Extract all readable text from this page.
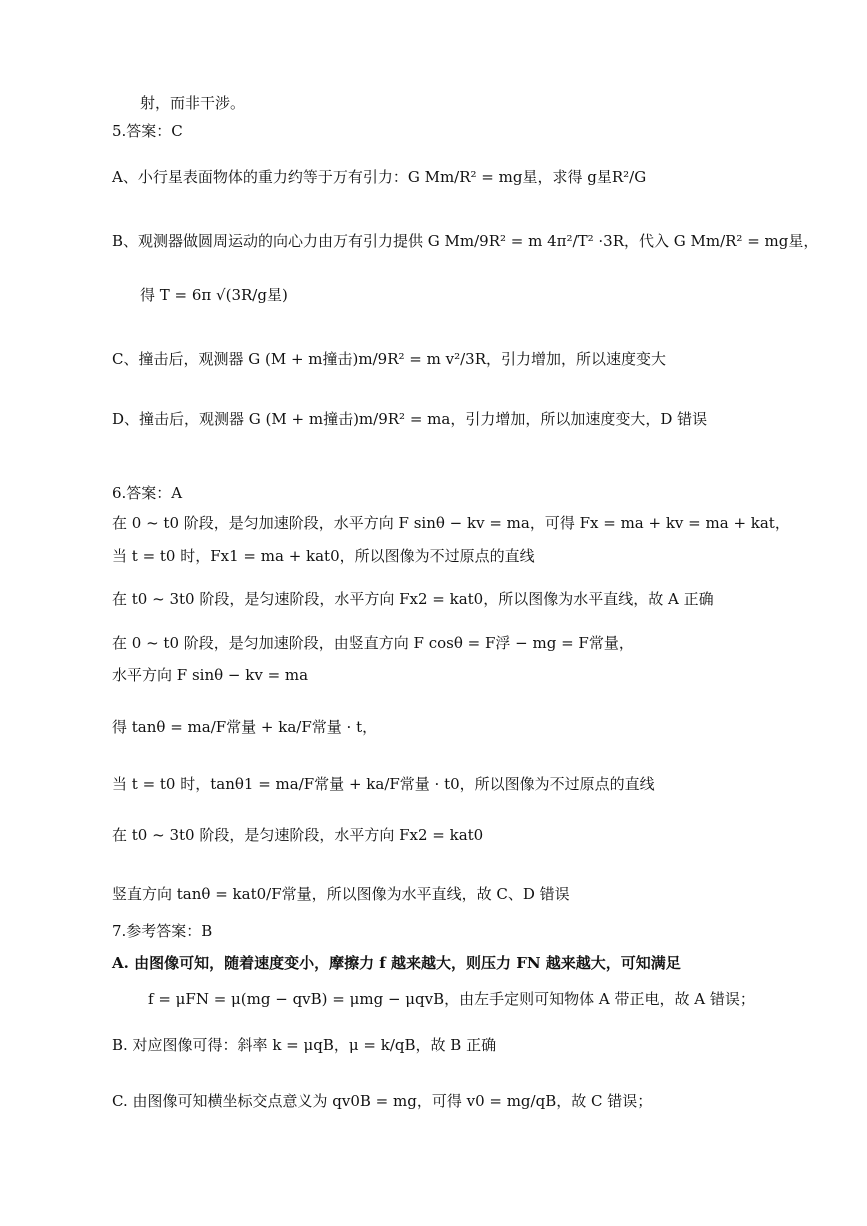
射，而非干涉。
5.答案：C
A、小行星表面物体的重力约等于万有引力：G Mm/R² = mg星，求得 g星R²/G
B、观测器做圆周运动的向心力由万有引力提供 G Mm/9R² = m 4π²/T² ·3R，代入 G Mm/R² = mg星，
得 T = 6π √(3R/g星)
C、撞击后，观测器 G (M + m撞击)m/9R² = m v²/3R，引力增加，所以速度变大
D、撞击后，观测器 G (M + m撞击)m/9R² = ma，引力增加，所以加速度变大，D 错误
6.答案：A
在 0 ~ t0 阶段，是匀加速阶段，水平方向 F sinθ − kv = ma，可得 Fx = ma + kv = ma + kat，
当 t = t0 时，Fx1 = ma + kat0，所以图像为不过原点的直线
在 t0 ~ 3t0 阶段，是匀速阶段，水平方向 Fx2 = kat0，所以图像为水平直线，故 A 正确
在 0 ~ t0 阶段，是匀加速阶段，由竖直方向 F cosθ = F浮 − mg = F常量，
水平方向 F sinθ − kv = ma
得 tanθ = ma/F常量 + ka/F常量 · t，
当 t = t0 时，tanθ1 = ma/F常量 + ka/F常量 · t0，所以图像为不过原点的直线
在 t0 ~ 3t0 阶段，是匀速阶段，水平方向 Fx2 = kat0
竖直方向 tanθ = kat0/F常量，所以图像为水平直线，故 C、D 错误
7.参考答案：B
A. 由图像可知，随着速度变小，摩擦力 f 越来越大，则压力 FN 越来越大，可知满足
f = μFN = μ(mg − qvB) = μmg − μqvB，由左手定则可知物体 A 带正电，故 A 错误；
B. 对应图像可得：斜率 k = μqB，μ = k/qB，故 B 正确
C. 由图像可知横坐标交点意义为 qv0B = mg，可得 v0 = mg/qB，故 C 错误；
